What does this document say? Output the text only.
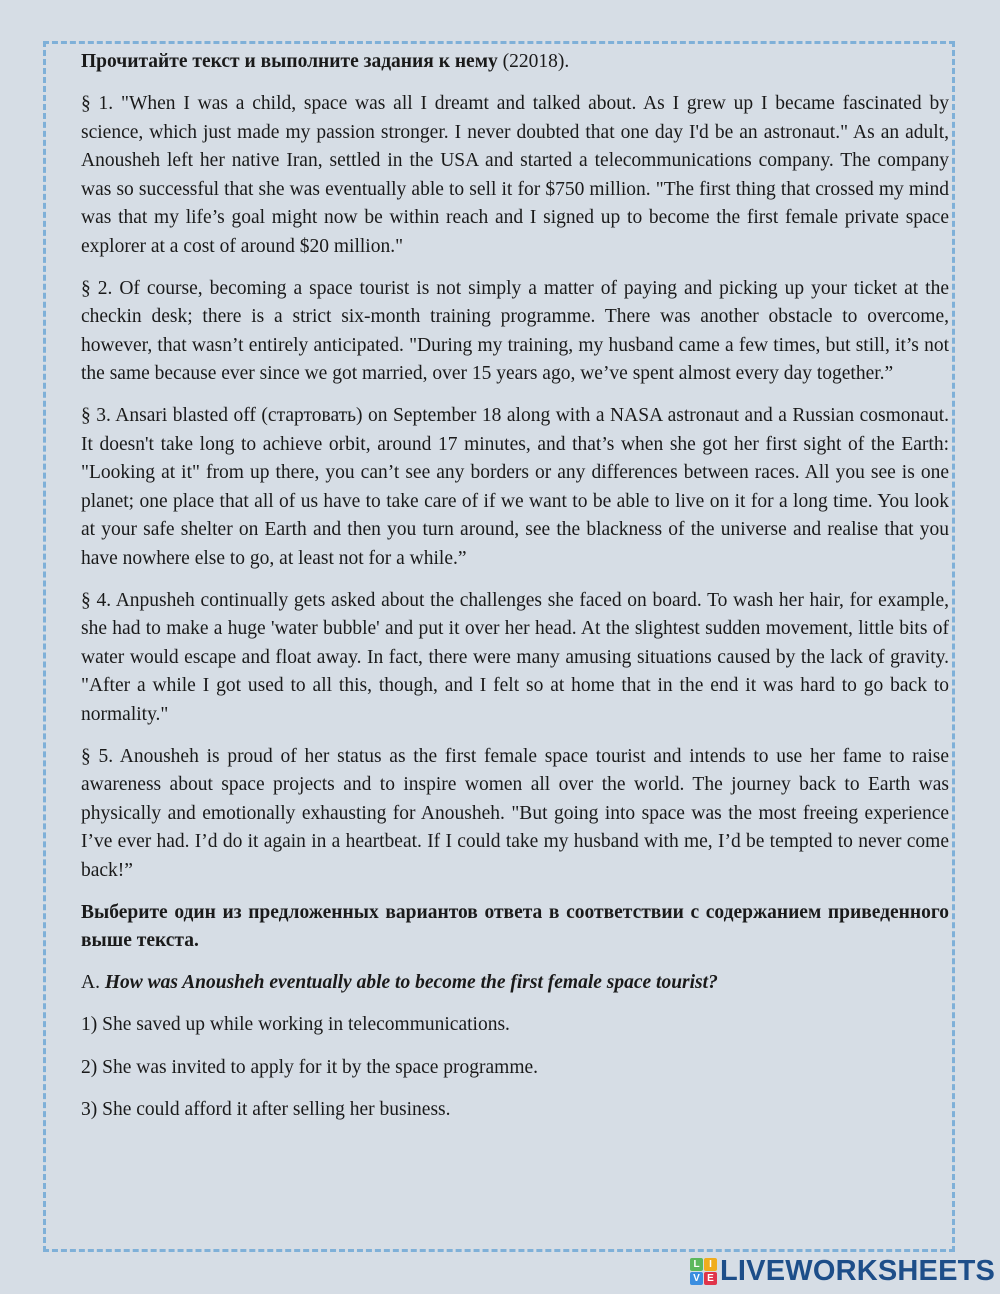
Прочитайте текст и выполните задания к нему (22018).

§ 1. "When I was a child, space was all I dreamt and talked about. As I grew up I became fascinated by science, which just made my passion stronger. I never doubted that one day I'd be an astronaut." As an adult, Anousheh left her native Iran, settled in the USA and started a telecommunications company. The company was so successful that she was eventually able to sell it for $750 million. "The first thing that crossed my mind was that my life’s goal might now be within reach and I signed up to become the first female private space explorer at a cost of around $20 million."

§ 2. Of course, becoming a space tourist is not simply a matter of paying and picking up your ticket at the checkin desk; there is a strict six-month training programme. There was another obstacle to overcome, however, that wasn’t entirely anticipated. "During my training, my husband came a few times, but still, it’s not the same because ever since we got married, over 15 years ago, we’ve spent almost every day together.”

§ 3. Ansari blasted off (стартовать) on September 18 along with a NASA astronaut and a Russian cosmonaut. It doesn't take long to achieve orbit, around 17 minutes, and that’s when she got her first sight of the Earth: "Looking at it" from up there, you can’t see any borders or any differences between races. All you see is one planet; one place that all of us have to take care of if we want to be able to live on it for a long time. You look at your safe shelter on Earth and then you turn around, see the blackness of the universe and realise that you have nowhere else to go, at least not for a while.”

§ 4. Anpusheh continually gets asked about the challenges she faced on board. To wash her hair, for example, she had to make a huge 'water bubble' and put it over her head. At the slightest sudden movement, little bits of water would escape and float away. In fact, there were many amusing situations caused by the lack of gravity. "After a while I got used to all this, though, and I felt so at home that in the end it was hard to go back to normality."

§ 5. Anousheh is proud of her status as the first female space tourist and intends to use her fame to raise awareness about space projects and to inspire women all over the world. The journey back to Earth was physically and emotionally exhausting for Anousheh. "But going into space was the most freeing experience I’ve ever had. I’d do it again in a heartbeat. If I could take my husband with me, I’d be tempted to never come back!”

Выберите один из предложенных вариантов ответа в соответствии с содержанием приведенного выше текста.

A. How was Anousheh eventually able to become the first female space tourist?

1) She saved up while working in telecommunications.

2) She was invited to apply for it by the space programme.

3) She could afford it after selling her business.

L I
V E LIVEWORKSHEETS
